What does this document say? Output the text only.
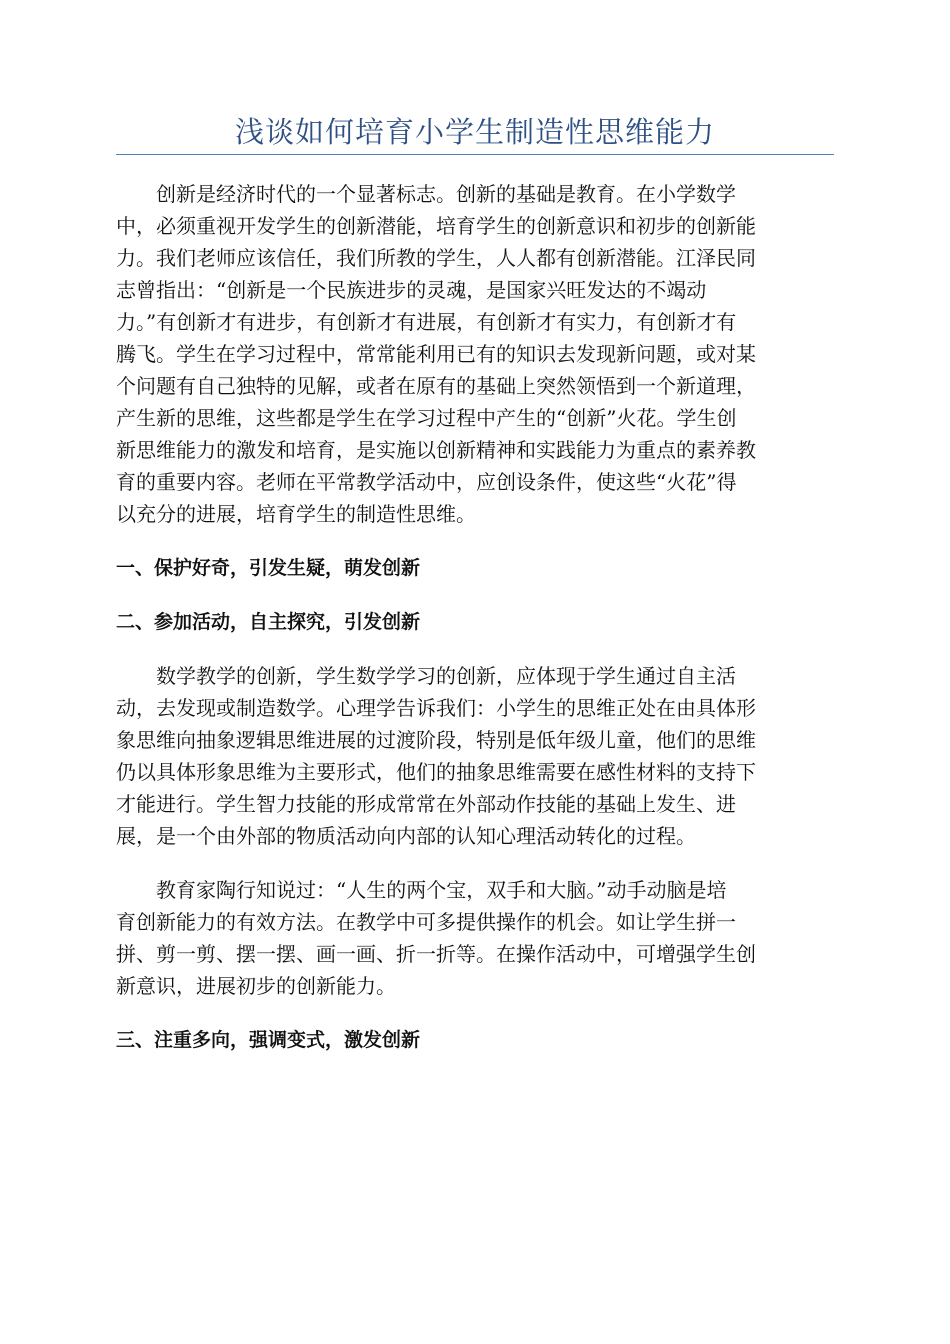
浅谈如何培育小学生制造性思维能力

创新是经济时代的一个显著标志。创新的基础是教育。在小学数学
中，必须重视开发学生的创新潜能，培育学生的创新意识和初步的创新能
力。我们老师应该信任，我们所教的学生，人人都有创新潜能。江泽民同
志曾指出：“创新是一个民族进步的灵魂，是国家兴旺发达的不竭动
力。”有创新才有进步，有创新才有进展，有创新才有实力，有创新才有
腾飞。学生在学习过程中，常常能利用已有的知识去发现新问题，或对某
个问题有自己独特的见解，或者在原有的基础上突然领悟到一个新道理，
产生新的思维，这些都是学生在学习过程中产生的“创新”火花。学生创
新思维能力的激发和培育，是实施以创新精神和实践能力为重点的素养教
育的重要内容。老师在平常教学活动中，应创设条件，使这些“火花”得
以充分的进展，培育学生的制造性思维。

一、保护好奇，引发生疑，萌发创新
二、参加活动，自主探究，引发创新

数学教学的创新，学生数学学习的创新，应体现于学生通过自主活
动，去发现或制造数学。心理学告诉我们：小学生的思维正处在由具体形
象思维向抽象逻辑思维进展的过渡阶段，特别是低年级儿童，他们的思维
仍以具体形象思维为主要形式，他们的抽象思维需要在感性材料的支持下
才能进行。学生智力技能的形成常常在外部动作技能的基础上发生、进
展，是一个由外部的物质活动向内部的认知心理活动转化的过程。

教育家陶行知说过：“人生的两个宝，双手和大脑。”动手动脑是培
育创新能力的有效方法。在教学中可多提供操作的机会。如让学生拼一
拼、剪一剪、摆一摆、画一画、折一折等。在操作活动中，可增强学生创
新意识，进展初步的创新能力。

三、注重多向，强调变式，激发创新
